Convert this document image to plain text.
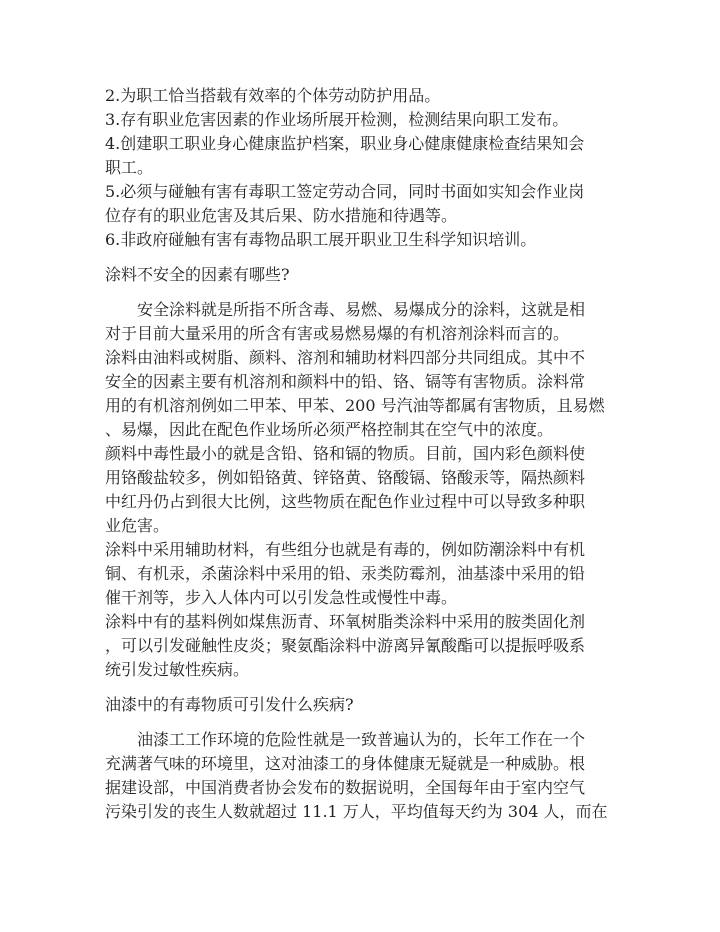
2.为职工恰当搭载有效率的个体劳动防护用品。

3.存有职业危害因素的作业场所展开检测，检测结果向职工发布。

4.创建职工职业身心健康监护档案，职业身心健康健康检查结果知会

职工。

5.必须与碰触有害有毒职工签定劳动合同，同时书面如实知会作业岗

位存有的职业危害及其后果、防水措施和待遇等。

6.非政府碰触有害有毒物品职工展开职业卫生科学知识培训。

涂料不安全的因素有哪些?

安全涂料就是所指不所含毒、易燃、易爆成分的涂料，这就是相

对于目前大量采用的所含有害或易燃易爆的有机溶剂涂料而言的。

涂料由油料或树脂、颜料、溶剂和辅助材料四部分共同组成。其中不

安全的因素主要有机溶剂和颜料中的铅、铬、镉等有害物质。涂料常

用的有机溶剂例如二甲苯、甲苯、200 号汽油等都属有害物质，且易燃

、易爆，因此在配色作业场所必须严格控制其在空气中的浓度。

颜料中毒性最小的就是含铅、铬和镉的物质。目前，国内彩色颜料使

用铬酸盐较多，例如铅铬黄、锌铬黄、铬酸镉、铬酸汞等，隔热颜料

中红丹仍占到很大比例，这些物质在配色作业过程中可以导致多种职

业危害。

涂料中采用辅助材料，有些组分也就是有毒的，例如防潮涂料中有机

铜、有机汞，杀菌涂料中采用的铅、汞类防霉剂，油基漆中采用的铅

催干剂等，步入人体内可以引发急性或慢性中毒。

涂料中有的基料例如煤焦沥青、环氧树脂类涂料中采用的胺类固化剂

，可以引发碰触性皮炎；聚氨酯涂料中游离异氰酸酯可以提振呼吸系

统引发过敏性疾病。

油漆中的有毒物质可引发什么疾病?

油漆工工作环境的危险性就是一致普遍认为的，长年工作在一个

充满著气味的环境里，这对油漆工的身体健康无疑就是一种威胁。根

据建设部，中国消费者协会发布的数据说明，全国每年由于室内空气

污染引发的丧生人数就超过 11.1 万人，平均值每天约为 304 人，而在
